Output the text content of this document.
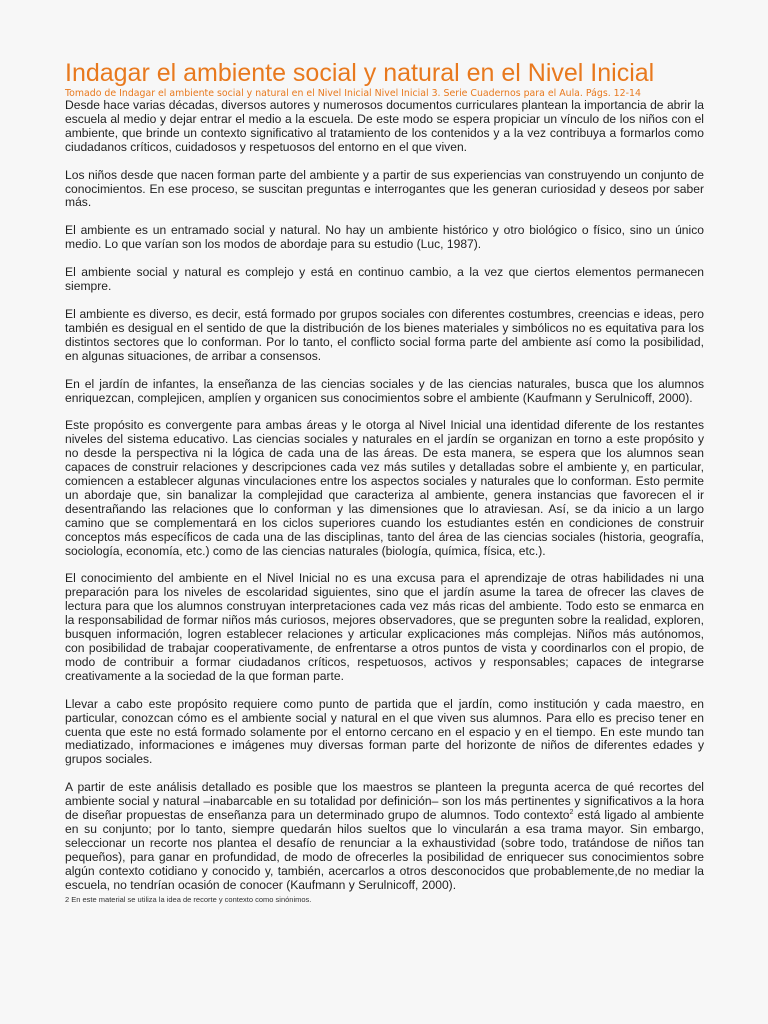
Indagar el ambiente social y natural en el Nivel Inicial

Tomado de Indagar el ambiente social y natural en el Nivel Inicial Nivel Inicial 3. Serie Cuadernos para el Aula. Págs. 12-14

Desde hace varias décadas, diversos autores y numerosos documentos curriculares plantean la importancia de abrir la escuela al medio y dejar entrar el medio a la escuela. De este modo se espera propiciar un vínculo de los niños con el ambiente, que brinde un contexto significativo al tratamiento de los contenidos y a la vez contribuya a formarlos como ciudadanos críticos, cuidadosos y respetuosos del entorno en el que viven.

Los niños desde que nacen forman parte del ambiente y a partir de sus experiencias van construyendo un conjunto de conocimientos. En ese proceso, se suscitan preguntas e interrogantes que les generan curiosidad y deseos por saber más.

El ambiente es un entramado social y natural. No hay un ambiente histórico y otro biológico o físico, sino un único medio. Lo que varían son los modos de abordaje para su estudio (Luc, 1987).

El ambiente social y natural es complejo y está en continuo cambio, a la vez que ciertos elementos permanecen siempre.

El ambiente es diverso, es decir, está formado por grupos sociales con diferentes costumbres, creencias e ideas, pero también es desigual en el sentido de que la distribución de los bienes materiales y simbólicos no es equitativa para los distintos sectores que lo conforman. Por lo tanto, el conflicto social forma parte del ambiente así como la posibilidad, en algunas situaciones, de arribar a consensos.

En el jardín de infantes, la enseñanza de las ciencias sociales y de las ciencias naturales, busca que los alumnos enriquezcan, complejicen, amplíen y organicen sus conocimientos sobre el ambiente (Kaufmann y Serulnicoff, 2000).

Este propósito es convergente para ambas áreas y le otorga al Nivel Inicial una identidad diferente de los restantes niveles del sistema educativo. Las ciencias sociales y naturales en el jardín se organizan en torno a este propósito y no desde la perspectiva ni la lógica de cada una de las áreas. De esta manera, se espera que los alumnos sean capaces de construir relaciones y descripciones cada vez más sutiles y detalladas sobre el ambiente y, en particular, comiencen a establecer algunas vinculaciones entre los aspectos sociales y naturales que lo conforman. Esto permite un abordaje que, sin banalizar la complejidad que caracteriza al ambiente, genera instancias que favorecen el ir desentrañando las relaciones que lo conforman y las dimensiones que lo atraviesan. Así, se da inicio a un largo camino que se complementará en los ciclos superiores cuando los estudiantes estén en condiciones de construir conceptos más específicos de cada una de las disciplinas, tanto del área de las ciencias sociales (historia, geografía, sociología, economía, etc.) como de las ciencias naturales (biología, química, física, etc.).

El conocimiento del ambiente en el Nivel Inicial no es una excusa para el aprendizaje de otras habilidades ni una preparación para los niveles de escolaridad siguientes, sino que el jardín asume la tarea de ofrecer las claves de lectura para que los alumnos construyan interpretaciones cada vez más ricas del ambiente. Todo esto se enmarca en la responsabilidad de formar niños más curiosos, mejores observadores, que se pregunten sobre la realidad, exploren, busquen información, logren establecer relaciones y articular explicaciones más complejas. Niños más autónomos, con posibilidad de trabajar cooperativamente, de enfrentarse a otros puntos de vista y coordinarlos con el propio, de modo de contribuir a formar ciudadanos críticos, respetuosos, activos y responsables; capaces de integrarse creativamente a la sociedad de la que forman parte.

Llevar a cabo este propósito requiere como punto de partida que el jardín, como institución y cada maestro, en particular, conozcan cómo es el ambiente social y natural en el que viven sus alumnos. Para ello es preciso tener en cuenta que este no está formado solamente por el entorno cercano en el espacio y en el tiempo. En este mundo tan mediatizado, informaciones e imágenes muy diversas forman parte del horizonte de niños de diferentes edades y grupos sociales.

A partir de este análisis detallado es posible que los maestros se planteen la pregunta acerca de qué recortes del ambiente social y natural –inabarcable en su totalidad por definición– son los más pertinentes y significativos a la hora de diseñar propuestas de enseñanza para un determinado grupo de alumnos. Todo contexto$^2$ está ligado al ambiente en su conjunto; por lo tanto, siempre quedarán hilos sueltos que lo vincularán a esa trama mayor. Sin embargo, seleccionar un recorte nos plantea el desafío de renunciar a la exhaustividad (sobre todo, tratándose de niños tan pequeños), para ganar en profundidad, de modo de ofrecerles la posibilidad de enriquecer sus conocimientos sobre algún contexto cotidiano y conocido y, también, acercarlos a otros desconocidos que probablemente,de no mediar la escuela, no tendrían ocasión de conocer (Kaufmann y Serulnicoff, 2000).

2 En este material se utiliza la idea de recorte y contexto como sinónimos.
